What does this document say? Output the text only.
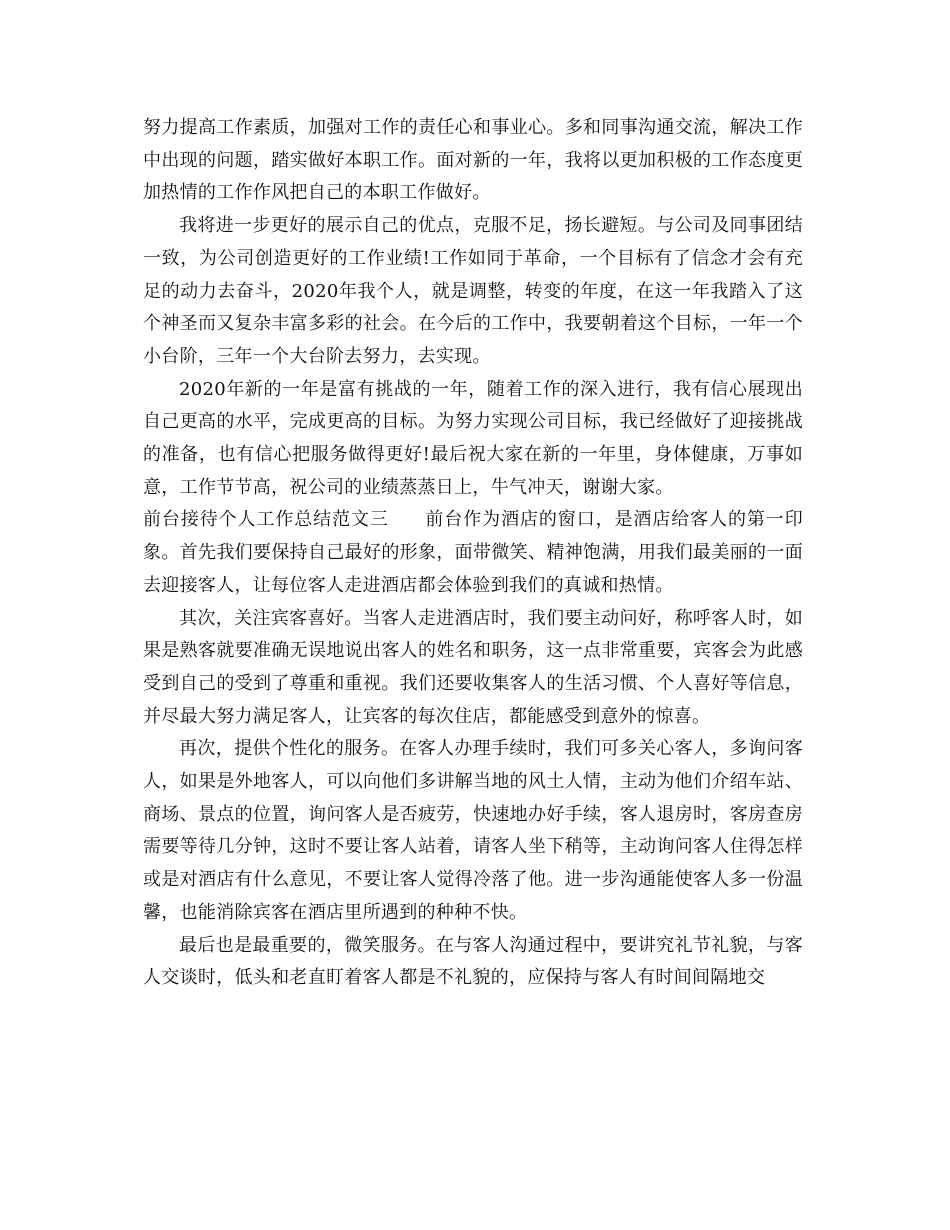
努力提高工作素质，加强对工作的责任心和事业心。多和同事沟通交流，解决工作中出现的问题，踏实做好本职工作。面对新的一年，我将以更加积极的工作态度更加热情的工作作风把自己的本职工作做好。

我将进一步更好的展示自己的优点，克服不足，扬长避短。与公司及同事团结一致，为公司创造更好的工作业绩!工作如同于革命，一个目标有了信念才会有充足的动力去奋斗，2020年我个人，就是调整，转变的年度，在这一年我踏入了这个神圣而又复杂丰富多彩的社会。在今后的工作中，我要朝着这个目标，一年一个小台阶，三年一个大台阶去努力，去实现。

2020年新的一年是富有挑战的一年，随着工作的深入进行，我有信心展现出自己更高的水平，完成更高的目标。为努力实现公司目标，我已经做好了迎接挑战的准备，也有信心把服务做得更好!最后祝大家在新的一年里，身体健康，万事如意，工作节节高，祝公司的业绩蒸蒸日上，牛气冲天，谢谢大家。

前台接待个人工作总结范文三 前台作为酒店的窗口，是酒店给客人的第一印象。首先我们要保持自己最好的形象，面带微笑、精神饱满，用我们最美丽的一面去迎接客人，让每位客人走进酒店都会体验到我们的真诚和热情。

其次，关注宾客喜好。当客人走进酒店时，我们要主动问好，称呼客人时，如果是熟客就要准确无误地说出客人的姓名和职务，这一点非常重要，宾客会为此感受到自己的受到了尊重和重视。我们还要收集客人的生活习惯、个人喜好等信息，并尽最大努力满足客人，让宾客的每次住店，都能感受到意外的惊喜。

再次，提供个性化的服务。在客人办理手续时，我们可多关心客人，多询问客人，如果是外地客人，可以向他们多讲解当地的风土人情，主动为他们介绍车站、商场、景点的位置，询问客人是否疲劳，快速地办好手续，客人退房时，客房查房需要等待几分钟，这时不要让客人站着，请客人坐下稍等，主动询问客人住得怎样或是对酒店有什么意见，不要让客人觉得冷落了他。进一步沟通能使客人多一份温馨，也能消除宾客在酒店里所遇到的种种不快。

最后也是最重要的，微笑服务。在与客人沟通过程中，要讲究礼节礼貌，与客人交谈时，低头和老直盯着客人都是不礼貌的，应保持与客人有时间间隔地交
